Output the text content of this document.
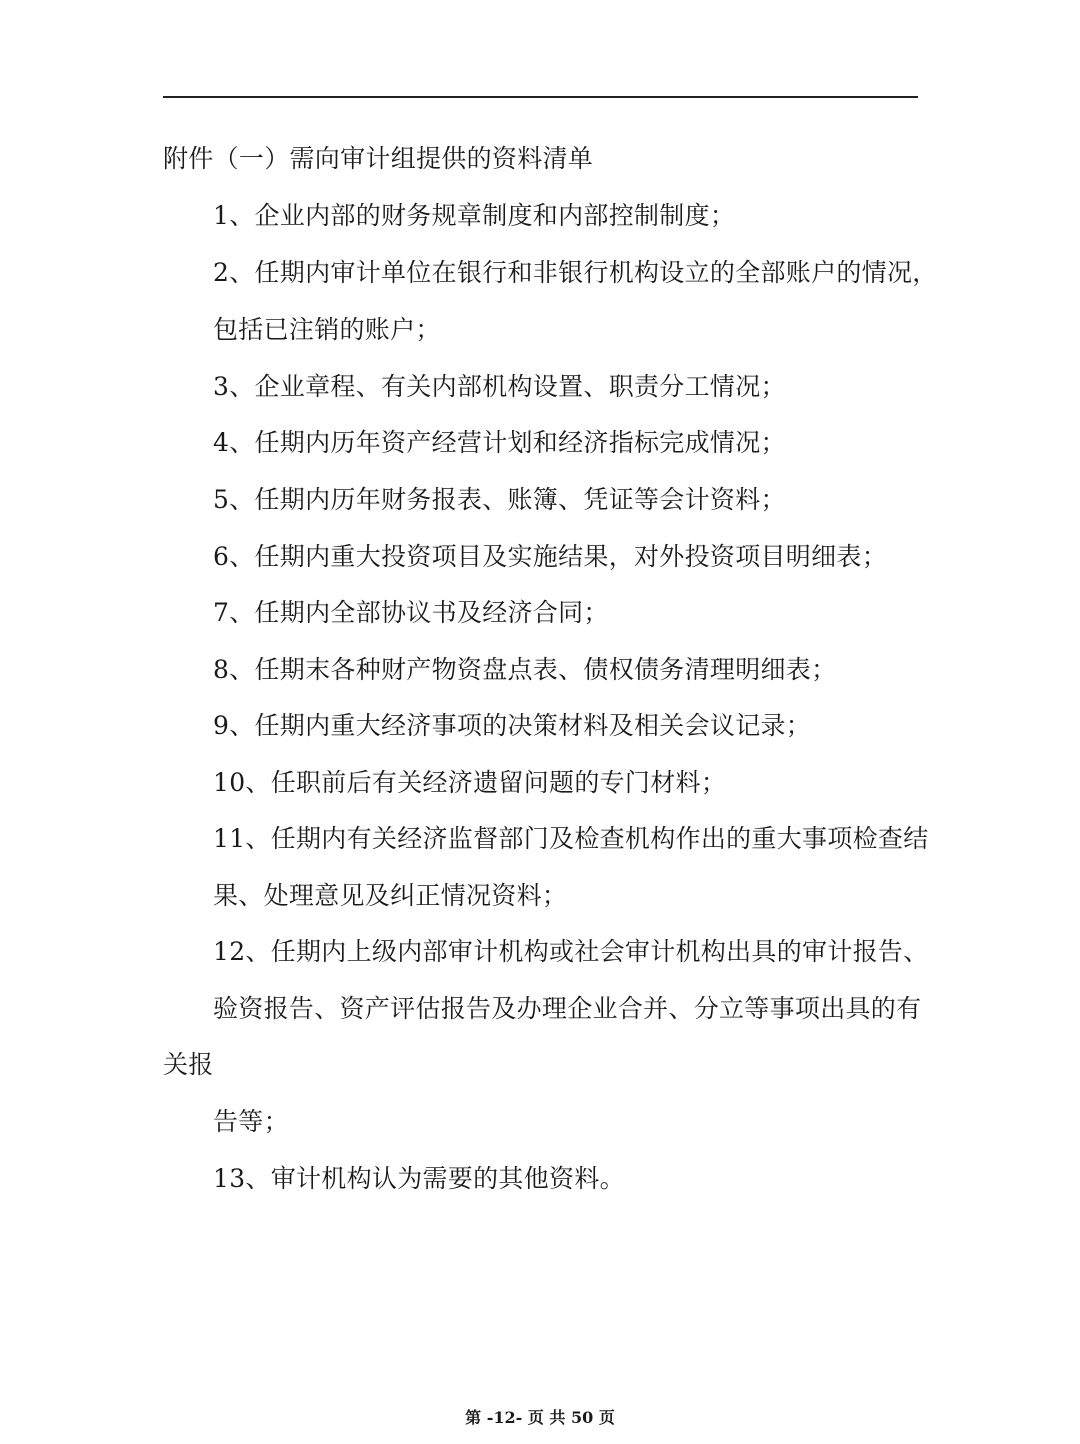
附件（一）需向审计组提供的资料清单
1、企业内部的财务规章制度和内部控制制度；
2、任期内审计单位在银行和非银行机构设立的全部账户的情况，
包括已注销的账户；
3、企业章程、有关内部机构设置、职责分工情况；
4、任期内历年资产经营计划和经济指标完成情况；
5、任期内历年财务报表、账簿、凭证等会计资料；
6、任期内重大投资项目及实施结果，对外投资项目明细表；
7、任期内全部协议书及经济合同；
8、任期末各种财产物资盘点表、债权债务清理明细表；
9、任期内重大经济事项的决策材料及相关会议记录；
10、任职前后有关经济遗留问题的专门材料；
11、任期内有关经济监督部门及检查机构作出的重大事项检查结
果、处理意见及纠正情况资料；
12、任期内上级内部审计机构或社会审计机构出具的审计报告、
验资报告、资产评估报告及办理企业合并、分立等事项出具的有
关报
告等；
13、审计机构认为需要的其他资料。
第 -12- 页 共 50 页
